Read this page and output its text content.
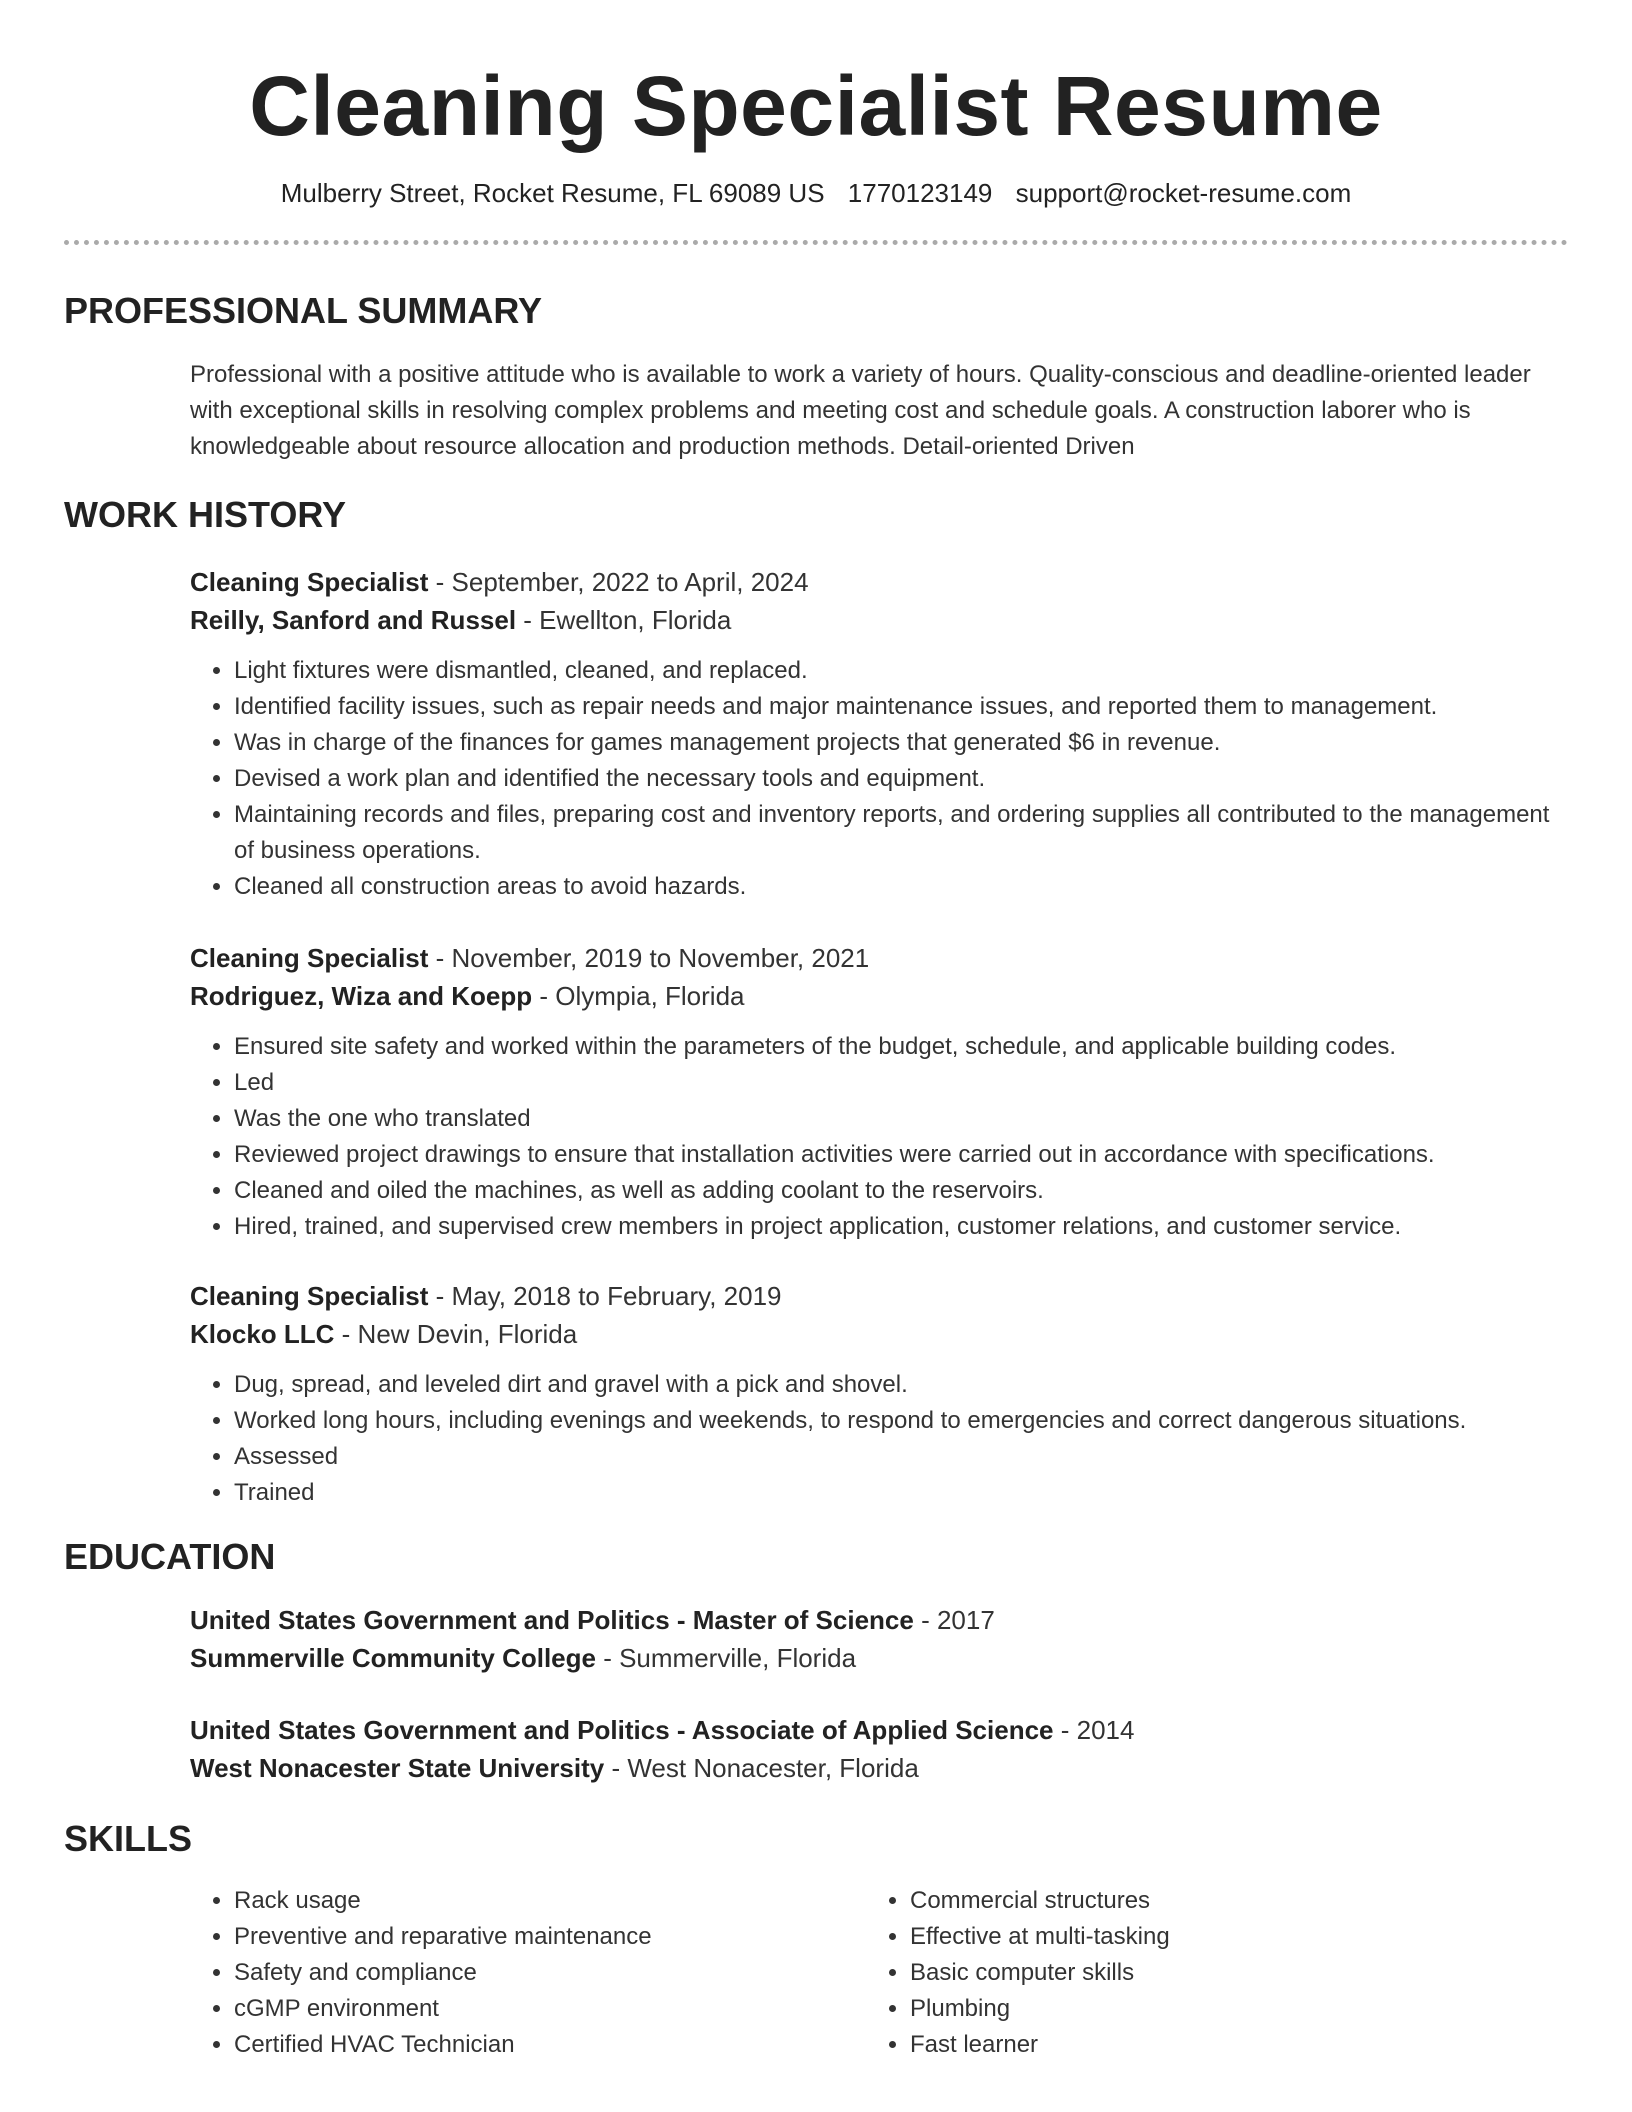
Cleaning Specialist Resume
Mulberry Street, Rocket Resume, FL 69089 US 1770123149 support@rocket-resume.com
PROFESSIONAL SUMMARY

Professional with a positive attitude who is available to work a variety of hours. Quality-conscious and deadline-oriented leader with exceptional skills in resolving complex problems and meeting cost and schedule goals. A construction laborer who is knowledgeable about resource allocation and production methods. Detail-oriented Driven

WORK HISTORY
Cleaning Specialist - September, 2022 to April, 2024
Reilly, Sanford and Russel - Ewellton, Florida
• Light fixtures were dismantled, cleaned, and replaced.
• Identified facility issues, such as repair needs and major maintenance issues, and reported them to management.
• Was in charge of the finances for games management projects that generated $6 in revenue.
• Devised a work plan and identified the necessary tools and equipment.
• Maintaining records and files, preparing cost and inventory reports, and ordering supplies all contributed to the management of business operations.
• Cleaned all construction areas to avoid hazards.
Cleaning Specialist - November, 2019 to November, 2021
Rodriguez, Wiza and Koepp - Olympia, Florida
• Ensured site safety and worked within the parameters of the budget, schedule, and applicable building codes.
• Led
• Was the one who translated
• Reviewed project drawings to ensure that installation activities were carried out in accordance with specifications.
• Cleaned and oiled the machines, as well as adding coolant to the reservoirs.
• Hired, trained, and supervised crew members in project application, customer relations, and customer service.
Cleaning Specialist - May, 2018 to February, 2019
Klocko LLC - New Devin, Florida
• Dug, spread, and leveled dirt and gravel with a pick and shovel.
• Worked long hours, including evenings and weekends, to respond to emergencies and correct dangerous situations.
• Assessed
• Trained
EDUCATION
United States Government and Politics - Master of Science - 2017
Summerville Community College - Summerville, Florida
United States Government and Politics - Associate of Applied Science - 2014
West Nonacester State University - West Nonacester, Florida
SKILLS
• Rack usage
• Preventive and reparative maintenance
• Safety and compliance
• cGMP environment
• Certified HVAC Technician
• Commercial structures
• Effective at multi-tasking
• Basic computer skills
• Plumbing
• Fast learner
